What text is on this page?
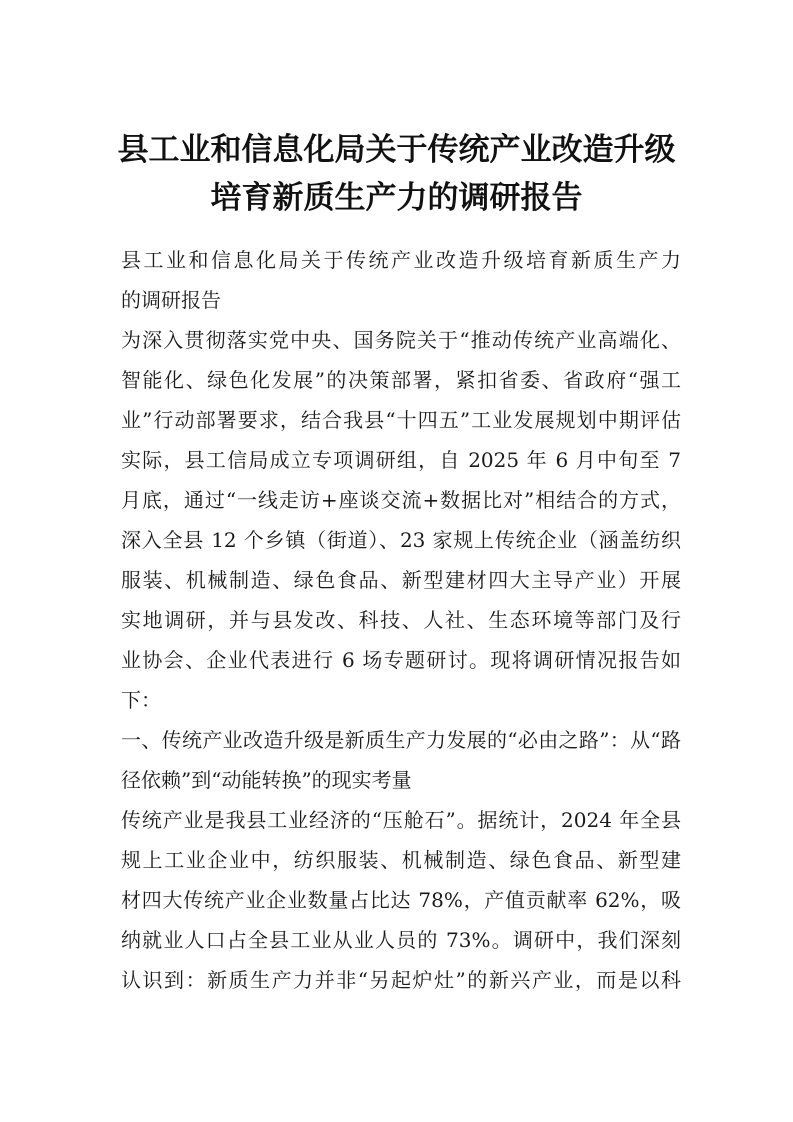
县工业和信息化局关于传统产业改造升级
培育新质生产力的调研报告
县工业和信息化局关于传统产业改造升级培育新质生产力
的调研报告
为深入贯彻落实党中央、国务院关于“推动传统产业高端化、
智能化、绿色化发展”的决策部署，紧扣省委、省政府“强工
业”行动部署要求，结合我县“十四五”工业发展规划中期评估
实际，县工信局成立专项调研组，自 2025 年 6 月中旬至 7
月底，通过“一线走访+座谈交流+数据比对”相结合的方式，
深入全县 12 个乡镇（街道）、23 家规上传统企业（涵盖纺织
服装、机械制造、绿色食品、新型建材四大主导产业）开展
实地调研，并与县发改、科技、人社、生态环境等部门及行
业协会、企业代表进行 6 场专题研讨。现将调研情况报告如
下：
一、传统产业改造升级是新质生产力发展的“必由之路”：从“路
径依赖”到“动能转换”的现实考量
传统产业是我县工业经济的“压舱石”。据统计，2024 年全县
规上工业企业中，纺织服装、机械制造、绿色食品、新型建
材四大传统产业企业数量占比达 78%，产值贡献率 62%，吸
纳就业人口占全县工业从业人员的 73%。调研中，我们深刻
认识到：新质生产力并非“另起炉灶”的新兴产业，而是以科
